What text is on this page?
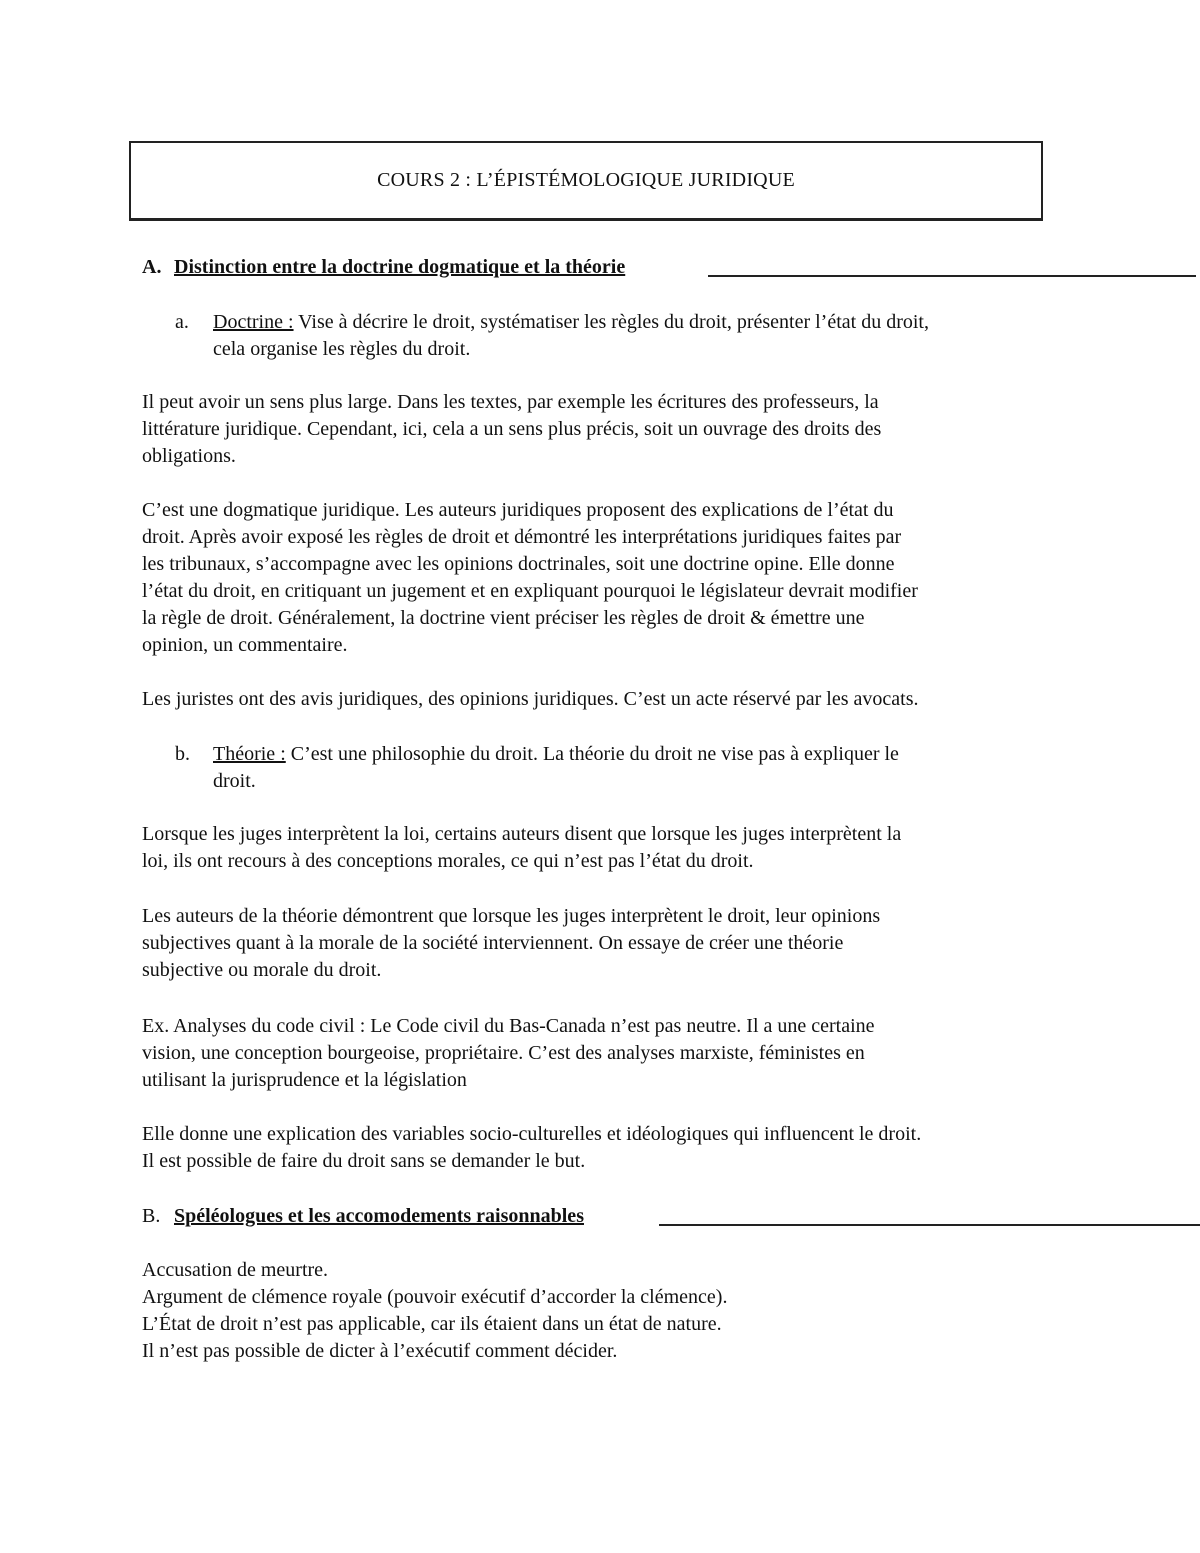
COURS 2 : L’ÉPISTÉMOLOGIQUE JURIDIQUE
A. Distinction entre la doctrine dogmatique et la théorie
a. Doctrine : Vise à décrire le droit, systématiser les règles du droit, présenter l’état du droit,
cela organise les règles du droit.
Il peut avoir un sens plus large. Dans les textes, par exemple les écritures des professeurs, la
littérature juridique. Cependant, ici, cela a un sens plus précis, soit un ouvrage des droits des
obligations.
C’est une dogmatique juridique. Les auteurs juridiques proposent des explications de l’état du
droit. Après avoir exposé les règles de droit et démontré les interprétations juridiques faites par
les tribunaux, s’accompagne avec les opinions doctrinales, soit une doctrine opine. Elle donne
l’état du droit, en critiquant un jugement et en expliquant pourquoi le législateur devrait modifier
la règle de droit. Généralement, la doctrine vient préciser les règles de droit & émettre une
opinion, un commentaire.
Les juristes ont des avis juridiques, des opinions juridiques. C’est un acte réservé par les avocats.
b. Théorie : C’est une philosophie du droit. La théorie du droit ne vise pas à expliquer le
droit.
Lorsque les juges interprètent la loi, certains auteurs disent que lorsque les juges interprètent la
loi, ils ont recours à des conceptions morales, ce qui n’est pas l’état du droit.
Les auteurs de la théorie démontrent que lorsque les juges interprètent le droit, leur opinions
subjectives quant à la morale de la société interviennent. On essaye de créer une théorie
subjective ou morale du droit.
Ex. Analyses du code civil : Le Code civil du Bas-Canada n’est pas neutre. Il a une certaine
vision, une conception bourgeoise, propriétaire. C’est des analyses marxiste, féministes en
utilisant la jurisprudence et la législation
Elle donne une explication des variables socio-culturelles et idéologiques qui influencent le droit.
Il est possible de faire du droit sans se demander le but.
B. Spéléologues et les accomodements raisonnables
Accusation de meurtre.
Argument de clémence royale (pouvoir exécutif d’accorder la clémence).
L’État de droit n’est pas applicable, car ils étaient dans un état de nature.
Il n’est pas possible de dicter à l’exécutif comment décider.
